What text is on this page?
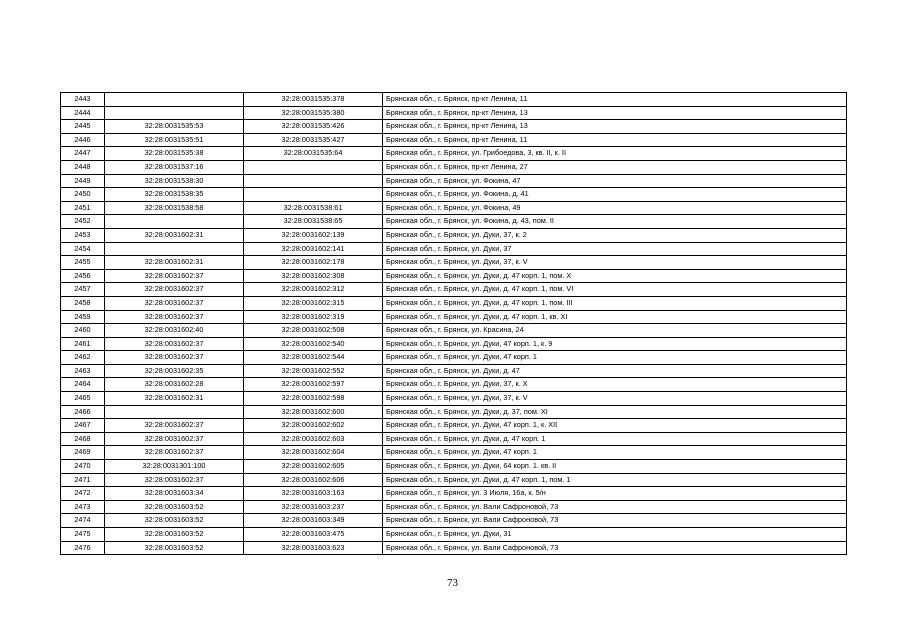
2443		32:28:0031535:378	Брянская обл., г. Брянск, пр-кт Ленина, 11
2444		32:28:0031535:380	Брянская обл., г. Брянск, пр-кт Ленина, 13
2445	32:28:0031535:53	32:28:0031535:426	Брянская обл., г. Брянск, пр-кт Ленина, 13
2446	32:28:0031535:51	32:28:0031535:427	Брянская обл., г. Брянск, пр-кт Ленина, 11
2447	32:28:0031535:38	32:28:0031535:64	Брянская обл., г. Брянск, ул. Грибоедова, 3, кв. II, к. II
2448	32:28:0031537:16		Брянская обл., г. Брянск, пр-кт Ленина, 27
2449	32:28:0031538:30		Брянская обл., г. Брянск, ул. Фокина, 47
2450	32:28:0031538:35		Брянская обл., г. Брянск, ул. Фокина, д. 41
2451	32:28:0031538:58	32:28:0031538:61	Брянская обл., г. Брянск, ул. Фокина, 49
2452		32:28:0031538:65	Брянская обл., г. Брянск, ул. Фокина, д. 43, пом. II
2453	32:28:0031602:31	32:28:0031602:139	Брянская обл., г. Брянск, ул. Дуки, 37, к. 2
2454		32:28:0031602:141	Брянская обл., г. Брянск, ул. Дуки, 37
2455	32:28:0031602:31	32:28:0031602:178	Брянская обл., г. Брянск, ул. Дуки, 37, к. V
2456	32:28:0031602:37	32:28:0031602:308	Брянская обл., г. Брянск, ул. Дуки, д. 47 корп. 1, пом. X
2457	32:28:0031602:37	32:28:0031602:312	Брянская обл., г. Брянск, ул. Дуки, д. 47 корп. 1, пом. VI
2458	32:28:0031602:37	32:28:0031602:315	Брянская обл., г. Брянск, ул. Дуки, д. 47 корп. 1, пом. III
2459	32:28:0031602:37	32:28:0031602:319	Брянская обл., г. Брянск, ул. Дуки, д. 47 корп. 1, кв. XI
2460	32:28:0031602:40	32:28:0031602:508	Брянская обл., г. Брянск, ул. Красина, 24
2461	32:28:0031602:37	32:28:0031602:540	Брянская обл., г. Брянск, ул. Дуки, 47 корп. 1, к. 9
2462	32:28:0031602:37	32:28:0031602:544	Брянская обл., г. Брянск, ул. Дуки, 47 корп. 1
2463	32:28:0031602:35	32:28:0031602:552	Брянская обл., г. Брянск, ул. Дуки, д. 47
2464	32:28:0031602:28	32:28:0031602:597	Брянская обл., г. Брянск, ул. Дуки, 37, к. X
2465	32:28:0031602:31	32:28:0031602:598	Брянская обл., г. Брянск, ул. Дуки, 37, к. V
2466		32:28:0031602:600	Брянская обл., г. Брянск, ул. Дуки, д. 37, пом. XI
2467	32:28:0031602:37	32:28:0031602:602	Брянская обл., г. Брянск, ул. Дуки, 47 корп. 1, к. XII
2468	32:28:0031602:37	32:28:0031602:603	Брянская обл., г. Брянск, ул. Дуки, д. 47 корп. 1
2469	32:28:0031602:37	32:28:0031602:604	Брянская обл., г. Брянск, ул. Дуки, 47 корп. 1
2470	32:28:0031301:100	32:28:0031602:605	Брянская обл., г. Брянск, ул. Дуки, 64 корп. 1. кв. II
2471	32:28:0031602:37	32:28:0031602:606	Брянская обл., г. Брянск, ул. Дуки, д. 47 корп. 1, пом. 1
2472	32:28:0031603:34	32:28:0031603:163	Брянская обл., г. Брянск, ул. 3 Июля, 16а, к. 5/н
2473	32:28:0031603:52	32:28:0031603:237	Брянская обл., г. Брянск, ул. Вали Сафроновой, 73
2474	32:28:0031603:52	32:28:0031603:349	Брянская обл., г. Брянск, ул. Вали Сафроновой, 73
2475	32:28:0031603:52	32:28:0031603:475	Брянская обл., г. Брянск, ул. Дуки, 31
2476	32:28:0031603:52	32:28:0031603:623	Брянская обл., г. Брянск, ул. Вали Сафроновой, 73
73
